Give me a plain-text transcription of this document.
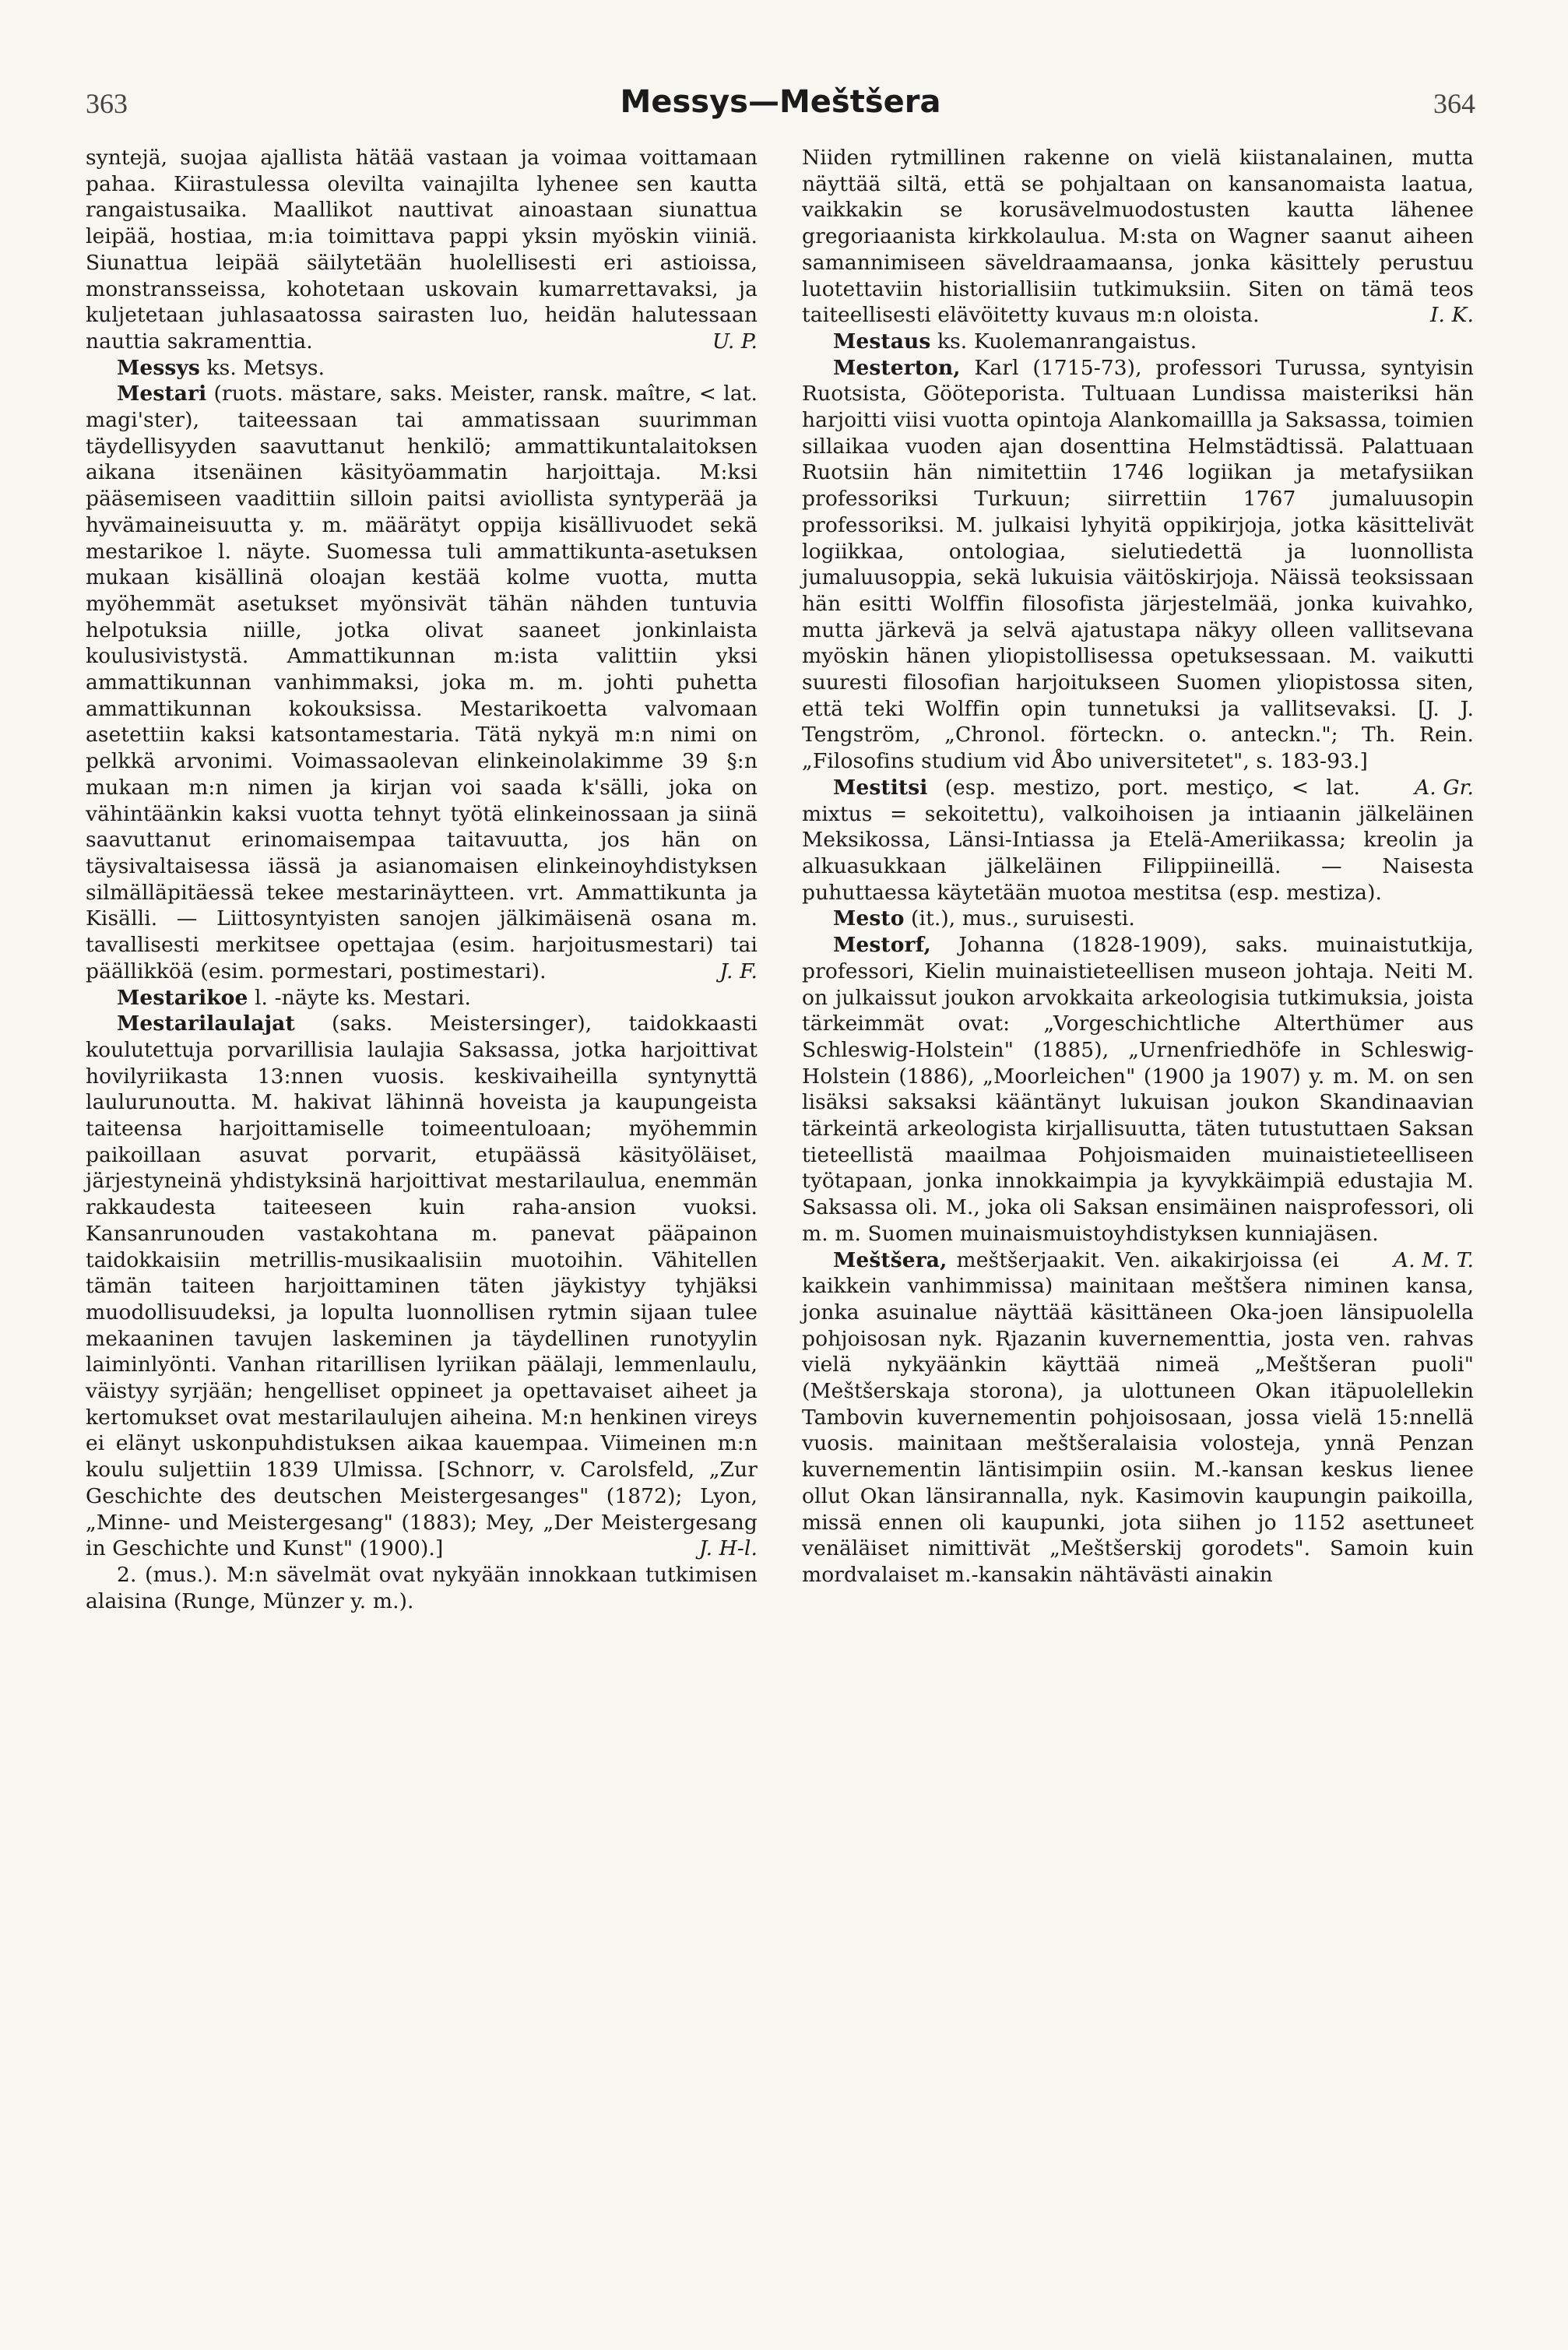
363	Messys—Meštšera	364

syntejä, suojaa ajallista hätää vastaan ja voimaa voittamaan pahaa. Kiirastulessa olevilta vainajilta lyhenee sen kautta rangaistusaika. Maallikot nauttivat ainoastaan siunattua leipää, hostiaa, m:ia toimittava pappi yksin myöskin viiniä. Siunattua leipää säilytetään huolellisesti eri astioissa, monstransseissa, kohotetaan uskovain kumarrettavaksi, ja kuljetetaan juhlasaatossa sairasten luo, heidän halutessaan nauttia sakramenttia.	U. P.

Messys ks. Metsys.

Mestari (ruots. mästare, saks. Meister, ransk. maître, < lat. magi'ster), taiteessaan tai ammatissaan suurimman täydellisyyden saavuttanut henkilö; ammattikuntalaitoksen aikana itsenäinen käsityöammatin harjoittaja. M:ksi pääsemiseen vaadittiin silloin paitsi aviollista syntyperää ja hyvämaineisuutta y. m. määrätyt oppija kisällivuodet sekä mestarikoe l. näyte. Suomessa tuli ammattikunta-asetuksen mukaan kisällinä oloajan kestää kolme vuotta, mutta myöhemmät asetukset myönsivät tähän nähden tuntuvia helpotuksia niille, jotka olivat saaneet jonkinlaista koulusivistystä. Ammattikunnan m:ista valittiin yksi ammattikunnan vanhimmaksi, joka m. m. johti puhetta ammattikunnan kokouksissa. Mestarikoetta valvomaan asetettiin kaksi katsontamestaria. Tätä nykyä m:n nimi on pelkkä arvonimi. Voimassaolevan elinkeinolakimme 39 §:n mukaan m:n nimen ja kirjan voi saada k'sälli, joka on vähintäänkin kaksi vuotta tehnyt työtä elinkeinossaan ja siinä saavuttanut erinomaisempaa taitavuutta, jos hän on täysivaltaisessa iässä ja asianomaisen elinkeinoyhdistyksen silmälläpitäessä tekee mestarinäytteen. vrt. Ammattikunta ja Kisälli. — Liittosyntyisten sanojen jälkimäisenä osana m. tavallisesti merkitsee opettajaa (esim. harjoitusmestari) tai päällikköä (esim. pormestari, postimestari).	J. F.

Mestarikoe l. -näyte ks. Mestari.

Mestarilaulajat (saks. Meistersinger), taidokkaasti koulutettuja porvarillisia laulajia Saksassa, jotka harjoittivat hovilyriikasta 13:nnen vuosis. keskivaiheilla syntynyttä laulurunoutta. M. hakivat lähinnä hoveista ja kaupungeista taiteensa harjoittamiselle toimeentuloaan; myöhemmin paikoillaan asuvat porvarit, etupäässä käsityöläiset, järjestyneinä yhdistyksinä harjoittivat mestarilaulua, enemmän rakkaudesta taiteeseen kuin raha-ansion vuoksi. Kansanrunouden vastakohtana m. panevat pääpainon taidokkaisiin metrillis-musikaalisiin muotoihin. Vähitellen tämän taiteen harjoittaminen täten jäykistyy tyhjäksi muodollisuudeksi, ja lopulta luonnollisen rytmin sijaan tulee mekaaninen tavujen laskeminen ja täydellinen runotyylin laiminlyönti. Vanhan ritarillisen lyriikan päälaji, lemmenlaulu, väistyy syrjään; hengelliset oppineet ja opettavaiset aiheet ja kertomukset ovat mestarilaulujen aiheina. M:n henkinen vireys ei elänyt uskonpuhdistuksen aikaa kauempaa. Viimeinen m:n koulu suljettiin 1839 Ulmissa. [Schnorr, v. Carolsfeld, „Zur Geschichte des deutschen Meistergesanges" (1872); Lyon, „Minne- und Meistergesang" (1883); Mey, „Der Meistergesang in Geschichte und Kunst" (1900).]	J. H-l.

2. (mus.). M:n sävelmät ovat nykyään innokkaan tutkimisen alaisina (Runge, Münzer y. m.).

Niiden rytmillinen rakenne on vielä kiistanalainen, mutta näyttää siltä, että se pohjaltaan on kansanomaista laatua, vaikkakin se korusävelmuodostusten kautta lähenee gregoriaanista kirkkolaulua. M:sta on Wagner saanut aiheen samannimiseen säveldraamaansa, jonka käsittely perustuu luotettaviin historiallisiin tutkimuksiin. Siten on tämä teos taiteellisesti elävöitetty kuvaus m:n oloista.	I. K.

Mestaus ks. Kuolemanrangaistus.

Mesterton, Karl (1715-73), professori Turussa, syntyisin Ruotsista, Gööteporista. Tultuaan Lundissa maisteriksi hän harjoitti viisi vuotta opintoja Alankomaillla ja Saksassa, toimien sillaikaa vuoden ajan dosenttina Helmstädtissä. Palattuaan Ruotsiin hän nimitettiin 1746 logiikan ja metafysiikan professoriksi Turkuun; siirrettiin 1767 jumaluusopin professoriksi. M. julkaisi lyhyitä oppikirjoja, jotka käsittelivät logiikkaa, ontologiaa, sielutiedettä ja luonnollista jumaluusoppia, sekä lukuisia väitöskirjoja. Näissä teoksissaan hän esitti Wolffin filosofista järjestelmää, jonka kuivahko, mutta järkevä ja selvä ajatustapa näkyy olleen vallitsevana myöskin hänen yliopistollisessa opetuksessaan. M. vaikutti suuresti filosofian harjoitukseen Suomen yliopistossa siten, että teki Wolffin opin tunnetuksi ja vallitsevaksi. [J. J. Tengström, „Chronol. förteckn. o. anteckn."; Th. Rein. „Filosofins studium vid Åbo universitetet", s. 183-93.]
A. Gr.

Mestitsi (esp. mestizo, port. mestiço, < lat. mixtus = sekoitettu), valkoihoisen ja intiaanin jälkeläinen Meksikossa, Länsi-Intiassa ja Etelä-Ameriikassa; kreolin ja alkuasukkaan jälkeläinen Filippiineillä. — Naisesta puhuttaessa käytetään muotoa mestitsa (esp. mestiza).

Mesto (it.), mus., suruisesti.

Mestorf, Johanna (1828-1909), saks. muinaistutkija, professori, Kielin muinaistieteellisen museon johtaja. Neiti M. on julkaissut joukon arvokkaita arkeologisia tutkimuksia, joista tärkeimmät ovat: „Vorgeschichtliche Alterthümer aus Schleswig-Holstein" (1885), „Urnenfriedhöfe in Schleswig-Holstein (1886), „Moorleichen" (1900 ja 1907) y. m. M. on sen lisäksi saksaksi kääntänyt lukuisan joukon Skandinaavian tärkeintä arkeologista kirjallisuutta, täten tutustuttaen Saksan tieteellistä maailmaa Pohjoismaiden muinaistieteelliseen työtapaan, jonka innokkaimpia ja kyvykkäimpiä edustajia M. Saksassa oli. M., joka oli Saksan ensimäinen naisprofessori, oli m. m. Suomen muinaismuistoyhdistyksen kunniajäsen.
A. M. T.

Meštšera, meštšerjaakit. Ven. aikakirjoissa (ei kaikkein vanhimmissa) mainitaan meštšera niminen kansa, jonka asuinalue näyttää käsittäneen Oka-joen länsipuolella pohjoisosan nyk. Rjazanin kuvernementtia, josta ven. rahvas vielä nykyäänkin käyttää nimeä „Meštšeran puoli" (Meštšerskaja storona), ja ulottuneen Okan itäpuolellekin Tambovin kuvernementin pohjoisosaan, jossa vielä 15:nnellä vuosis. mainitaan meštšeralaisia volosteja, ynnä Penzan kuvernementin läntisimpiin osiin. M.-kansan keskus lienee ollut Okan länsirannalla, nyk. Kasimovin kaupungin paikoilla, missä ennen oli kaupunki, jota siihen jo 1152 asettuneet venäläiset nimittivät „Meštšerskij gorodets". Samoin kuin mordvalaiset m.-kansakin nähtävästi ainakin
